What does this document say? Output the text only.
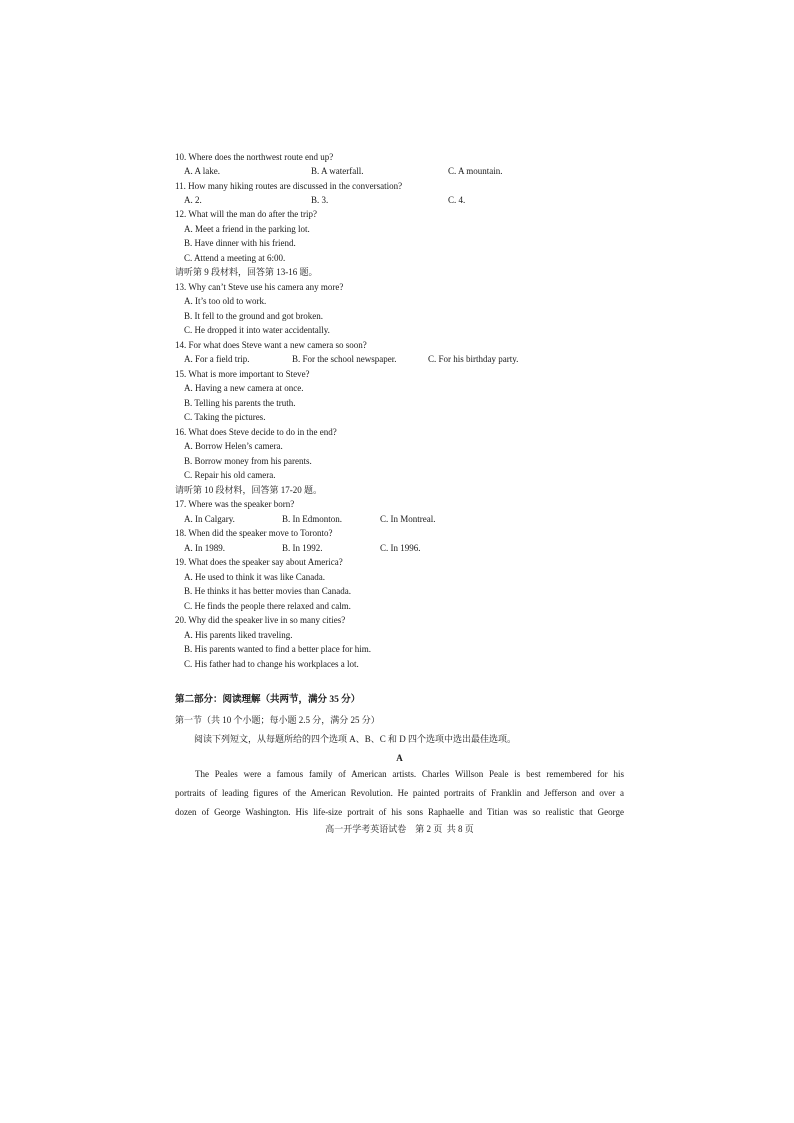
10. Where does the northwest route end up?
A. A lake.	B. A waterfall.	C. A mountain.
11. How many hiking routes are discussed in the conversation?
A. 2.	B. 3.	C. 4.
12. What will the man do after the trip?
A. Meet a friend in the parking lot.
B. Have dinner with his friend.
C. Attend a meeting at 6:00.
请听第 9 段材料，回答第 13-16 题。
13. Why can’t Steve use his camera any more?
A. It’s too old to work.
B. It fell to the ground and got broken.
C. He dropped it into water accidentally.
14. For what does Steve want a new camera so soon?
A. For a field trip.	B. For the school newspaper.	C. For his birthday party.
15. What is more important to Steve?
A. Having a new camera at once.
B. Telling his parents the truth.
C. Taking the pictures.
16. What does Steve decide to do in the end?
A. Borrow Helen’s camera.
B. Borrow money from his parents.
C. Repair his old camera.
请听第 10 段材料，回答第 17-20 题。
17. Where was the speaker born?
A. In Calgary.	B. In Edmonton.	C. In Montreal.
18. When did the speaker move to Toronto?
A. In 1989.	B. In 1992.	C. In 1996.
19. What does the speaker say about America?
A. He used to think it was like Canada.
B. He thinks it has better movies than Canada.
C. He finds the people there relaxed and calm.
20. Why did the speaker live in so many cities?
A. His parents liked traveling.
B. His parents wanted to find a better place for him.
C. His father had to change his workplaces a lot.
第二部分：阅读理解（共两节，满分 35 分）
第一节（共 10 个小题；每小题 2.5 分，满分 25 分）
阅读下列短文，从每题所给的四个选项 A、B、C 和 D 四个选项中选出最佳选项。
A
The Peales were a famous family of American artists. Charles Willson Peale is best remembered for his
portraits of leading figures of the American Revolution. He painted portraits of Franklin and Jefferson and over a
dozen of George Washington. His life-size portrait of his sons Raphaelle and Titian was so realistic that George
高一开学考英语试卷    第 2 页  共 8 页
